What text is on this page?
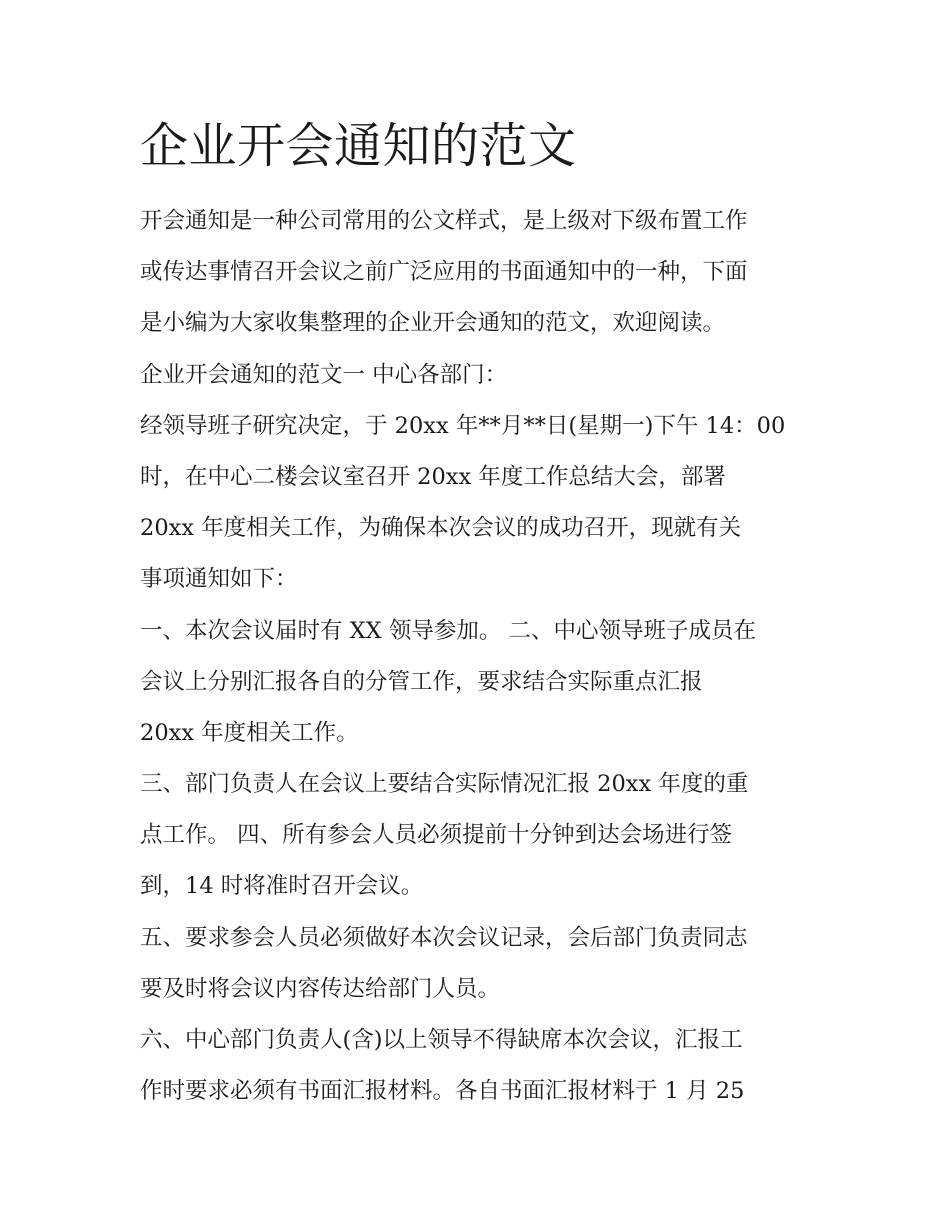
企业开会通知的范文
开会通知是一种公司常用的公文样式，是上级对下级布置工作
或传达事情召开会议之前广泛应用的书面通知中的一种，下面
是小编为大家收集整理的企业开会通知的范文，欢迎阅读。
企业开会通知的范文一 中心各部门：
经领导班子研究决定，于 20xx 年**月**日(星期一)下午 14：00
时，在中心二楼会议室召开 20xx 年度工作总结大会，部署
20xx 年度相关工作，为确保本次会议的成功召开，现就有关
事项通知如下：
一、本次会议届时有 XX 领导参加。 二、中心领导班子成员在
会议上分别汇报各自的分管工作，要求结合实际重点汇报
20xx 年度相关工作。
三、部门负责人在会议上要结合实际情况汇报 20xx 年度的重
点工作。 四、所有参会人员必须提前十分钟到达会场进行签
到，14 时将准时召开会议。
五、要求参会人员必须做好本次会议记录，会后部门负责同志
要及时将会议内容传达给部门人员。
六、中心部门负责人(含)以上领导不得缺席本次会议，汇报工
作时要求必须有书面汇报材料。各自书面汇报材料于 1 月 25
